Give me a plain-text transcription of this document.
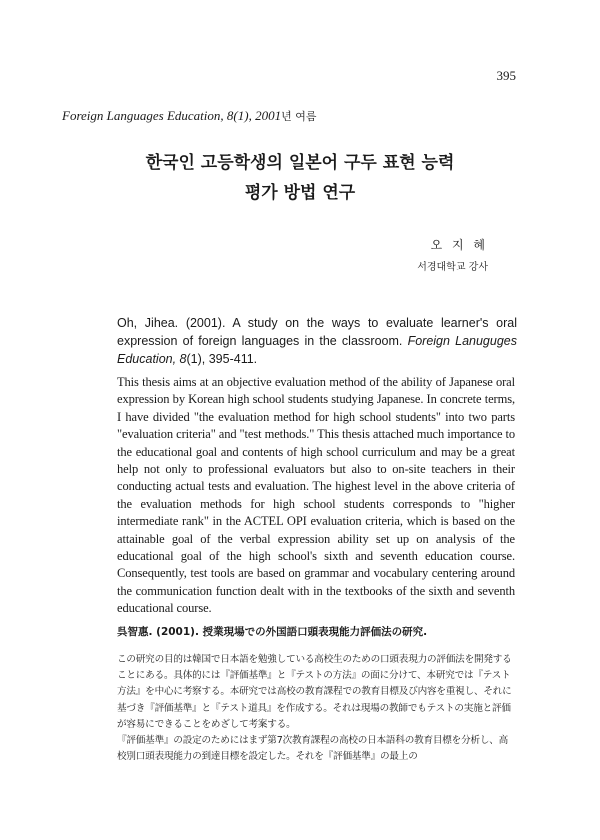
395
Foreign Languages Education, 8(1), 2001년 여름
한국인 고등학생의 일본어 구두 표현 능력
평가 방법 연구
오 지 혜
서경대학교 강사
Oh, Jihea. (2001). A study on the ways to evaluate learner's oral expression of foreign languages in the classroom. Foreign Lanuguges Education, 8(1), 395-411.
This thesis aims at an objective evaluation method of the ability of Japanese oral expression by Korean high school students studying Japanese. In concrete terms, I have divided "the evaluation method for high school students" into two parts "evaluation criteria" and "test methods." This thesis attached much importance to the educational goal and contents of high school curriculum and may be a great help not only to professional evaluators but also to on-site teachers in their conducting actual tests and evaluation. The highest level in the above criteria of the evaluation methods for high school students corresponds to "higher intermediate rank" in the ACTEL OPI evaluation criteria, which is based on the attainable goal of the verbal expression ability set up on analysis of the educational goal of the high school's sixth and seventh education course. Consequently, test tools are based on grammar and vocabulary centering around the communication function dealt with in the textbooks of the sixth and seventh educational course.
呉智惠. (2001). 授業現場での外国語口頭表現能力評価法の研究.
この研究の目的は韓国で日本語を勉強している高校生のための口頭表現力の評価法を開発することにある。具体的には『評価基準』と『テストの方法』の面に分けて、本研究では『テスト方法』を中心に考察する。本研究では高校の教育課程での教育目標及び内容を重視し、それに基づき『評価基準』と『テスト道具』を作成する。それは現場の教師でもテストの実施と評価が容易にできることをめざして考案する。
『評価基準』の設定のためにはまず第7次教育課程の高校の日本語科の教育目標を分析し、高校別口頭表現能力の到達目標を設定した。それを『評価基準』の最上の
